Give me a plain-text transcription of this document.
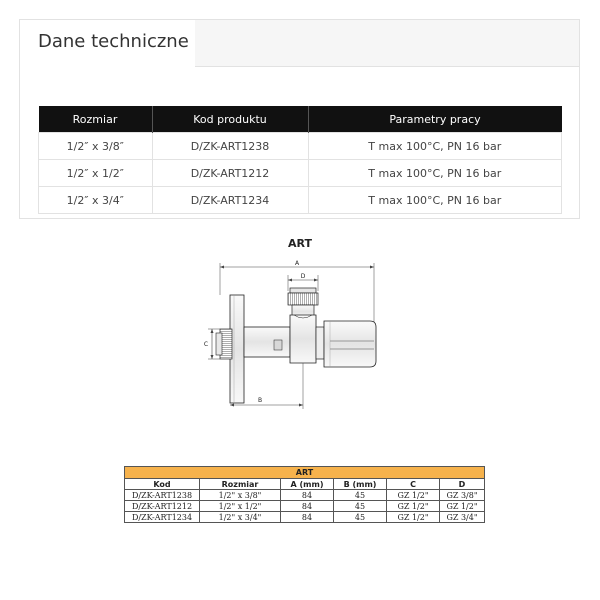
Dane techniczne
Rozmiar	Kod produktu	Parametry pracy
1/2″ x 3/8″	D/ZK-ART1238	T max 100°C, PN 16 bar
1/2″ x 1/2″	D/ZK-ART1212	T max 100°C, PN 16 bar
1/2″ x 3/4″	D/ZK-ART1234	T max 100°C, PN 16 bar
ART
A
D
C
B
ART					
Kod	Rozmiar	A (mm)	B (mm)	C	D
D/ZK-ART1238	1/2" x 3/8"	84	45	GZ 1/2"	GZ 3/8"
D/ZK-ART1212	1/2" x 1/2"	84	45	GZ 1/2"	GZ 1/2"
D/ZK-ART1234	1/2" x 3/4"	84	45	GZ 1/2"	GZ 3/4"
